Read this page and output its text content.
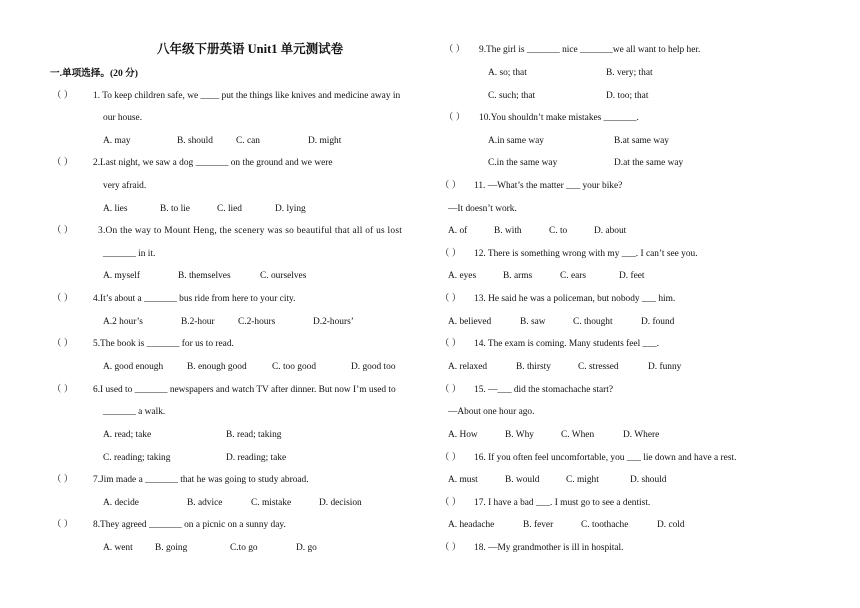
八年级下册英语 Unit1 单元测试卷
一.单项选择。(20 分)
（ ） 1. To keep children safe, we ____ put the things like knives and medicine away in
our house.
A. may	B. should C. can	D. might
（ ） 2.Last night, we saw a dog _______ on the ground and we were
very afraid.
A. lies	B. to lie	C. lied	D. lying
（ ）	3.On the way to Mount Heng, the scenery was so beautiful that all of us lost
_______ in it.
A. myself	B. themselves	C. ourselves
（ ） 4.It’s about a _______ bus ride from here to your city.
A.2 hour’s	B.2-hour C.2-hours	D.2-hours’
（ ） 5.The book is _______ for us to read.
A. good enough	B. enough good	C. too good	D. good too
（ ） 6.I used to _______ newspapers and watch TV after dinner. But now I’m used to
_______ a walk.
A. read; take	B. read; taking
C. reading; taking	D. reading; take
（ ） 7.Jim made a _______ that he was going to study abroad.
A. decide	B. advice	C. mistake	D. decision
（ ） 8.They agreed _______ on a picnic on a sunny day.
A. went B. going	C.to go	D. go
（ ） 9.The girl is _______ nice _______we all want to help her.
A. so; that	B. very; that
C. such; that	D. too; that
（ ） 10.You shouldn’t make mistakes _______.
A.in same way	B.at same way
C.in the same way	D.at the same way
（ ） 11. —What’s the matter ___ your bike?
—It doesn’t work.
A. of	B. with	C. to	D. about
（ ） 12. There is something wrong with my ___. I can’t see you.
A. eyes	B. arms	C. ears	D. feet
（ ） 13. He said he was a policeman, but nobody ___ him.
A. believed	B. saw	C. thought	D. found
（ ） 14. The exam is coming. Many students feel ___.
A. relaxed	B. thirsty	C. stressed	D. funny
（ ） 15. —___ did the stomachache start?
—About one hour ago.
A. How	B. Why	C. When	D. Where
（ ） 16. If you often feel uncomfortable, you ___ lie down and have a rest.
A. must	B. would	C. might	D. should
（ ） 17. I have a bad ___. I must go to see a dentist.
A. headache	B. fever	C. toothache	D. cold
（ ） 18. —My grandmother is ill in hospital.
